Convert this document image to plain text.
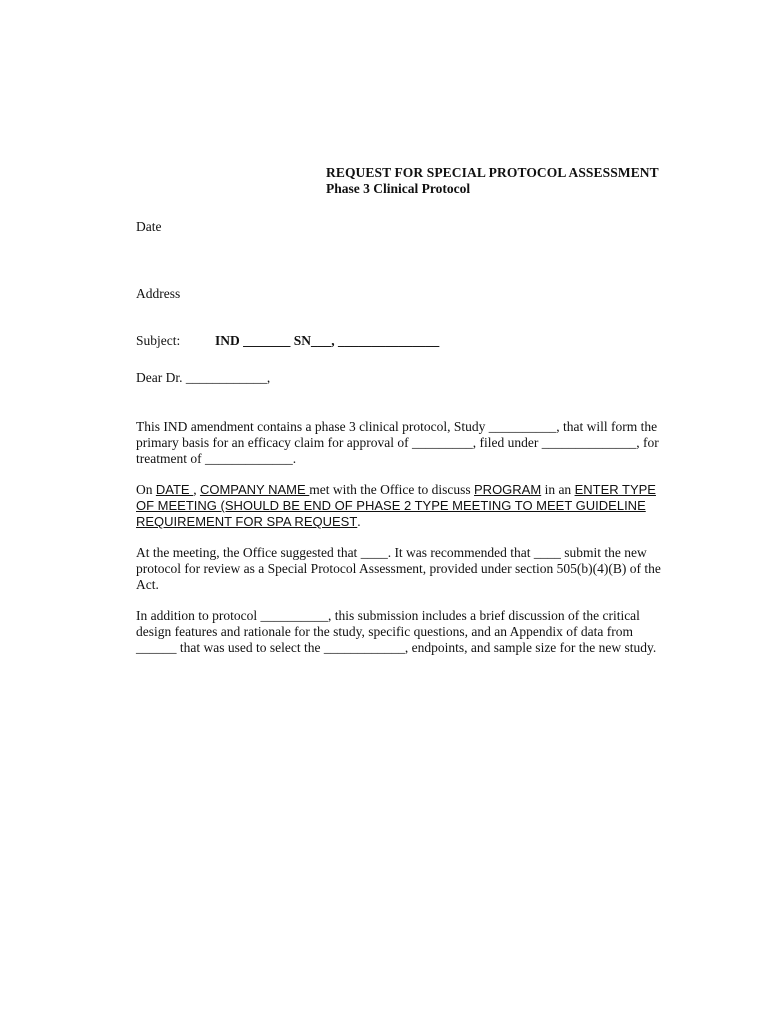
REQUEST FOR SPECIAL PROTOCOL ASSESSMENT
Phase 3 Clinical Protocol
Date
Address
Subject:	IND _______ SN___, _______________
Dear Dr. ____________,
This IND amendment contains a phase 3 clinical protocol, Study __________, that will form the primary basis for an efficacy claim for approval of _________, filed under ______________, for treatment of _____________.
On DATE , COMPANY NAME met with the Office to discuss PROGRAM in an ENTER TYPE OF MEETING (SHOULD BE END OF PHASE 2 TYPE MEETING TO MEET GUIDELINE REQUIREMENT FOR SPA REQUEST.
At the meeting, the Office suggested that ____. It was recommended that ____ submit the new protocol for review as a Special Protocol Assessment, provided under section 505(b)(4)(B) of the Act.
In addition to protocol __________, this submission includes a brief discussion of the critical design features and rationale for the study, specific questions, and an Appendix of data from ______ that was used to select the ____________, endpoints, and sample size for the new study.
